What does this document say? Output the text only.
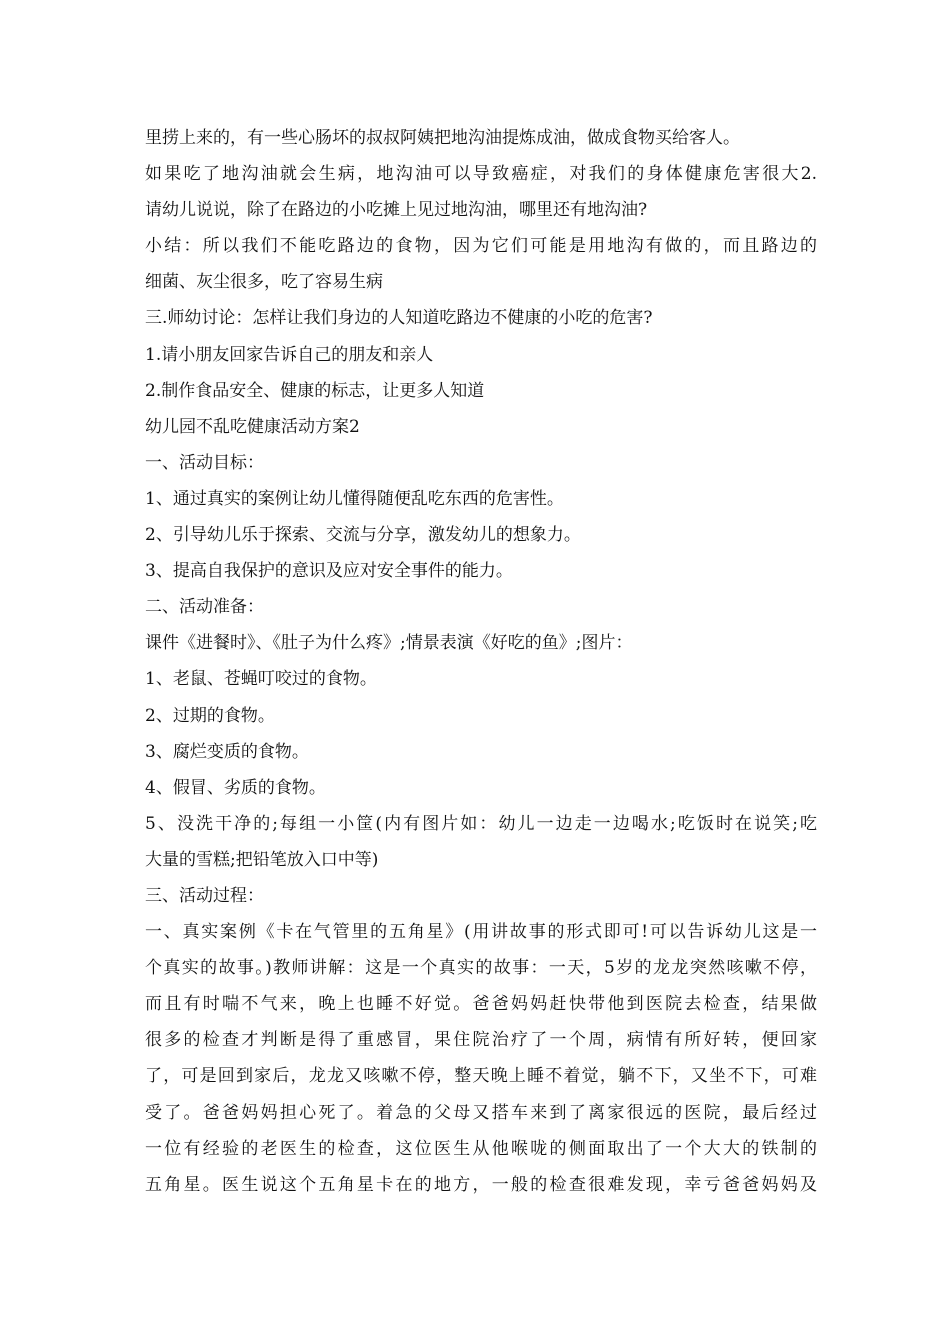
里捞上来的，有一些心肠坏的叔叔阿姨把地沟油提炼成油，做成食物买给客人。
如果吃了地沟油就会生病，地沟油可以导致癌症，对我们的身体健康危害很大2.
请幼儿说说，除了在路边的小吃摊上见过地沟油，哪里还有地沟油?
小结：所以我们不能吃路边的食物，因为它们可能是用地沟有做的，而且路边的
细菌、灰尘很多，吃了容易生病
三.师幼讨论：怎样让我们身边的人知道吃路边不健康的小吃的危害?
1.请小朋友回家告诉自己的朋友和亲人
2.制作食品安全、健康的标志，让更多人知道
幼儿园不乱吃健康活动方案2
一、活动目标：
1、通过真实的案例让幼儿懂得随便乱吃东西的危害性。
2、引导幼儿乐于探索、交流与分享，激发幼儿的想象力。
3、提高自我保护的意识及应对安全事件的能力。
二、活动准备：
课件《进餐时》、《肚子为什么疼》;情景表演《好吃的鱼》;图片：
1、老鼠、苍蝇叮咬过的食物。
2、过期的食物。
3、腐烂变质的食物。
4、假冒、劣质的食物。
5、没洗干净的;每组一小筐(内有图片如：幼儿一边走一边喝水;吃饭时在说笑;吃
大量的雪糕;把铅笔放入口中等)
三、活动过程：
一、真实案例《卡在气管里的五角星》(用讲故事的形式即可!可以告诉幼儿这是一
个真实的故事。)教师讲解：这是一个真实的故事：一天，5岁的龙龙突然咳嗽不停，
而且有时喘不气来，晚上也睡不好觉。爸爸妈妈赶快带他到医院去检查，结果做
很多的检查才判断是得了重感冒，果住院治疗了一个周，病情有所好转，便回家
了，可是回到家后，龙龙又咳嗽不停，整天晚上睡不着觉，躺不下，又坐不下，可难
受了。爸爸妈妈担心死了。着急的父母又搭车来到了离家很远的医院，最后经过
一位有经验的老医生的检查，这位医生从他喉咙的侧面取出了一个大大的铁制的
五角星。医生说这个五角星卡在的地方，一般的检查很难发现，幸亏爸爸妈妈及
